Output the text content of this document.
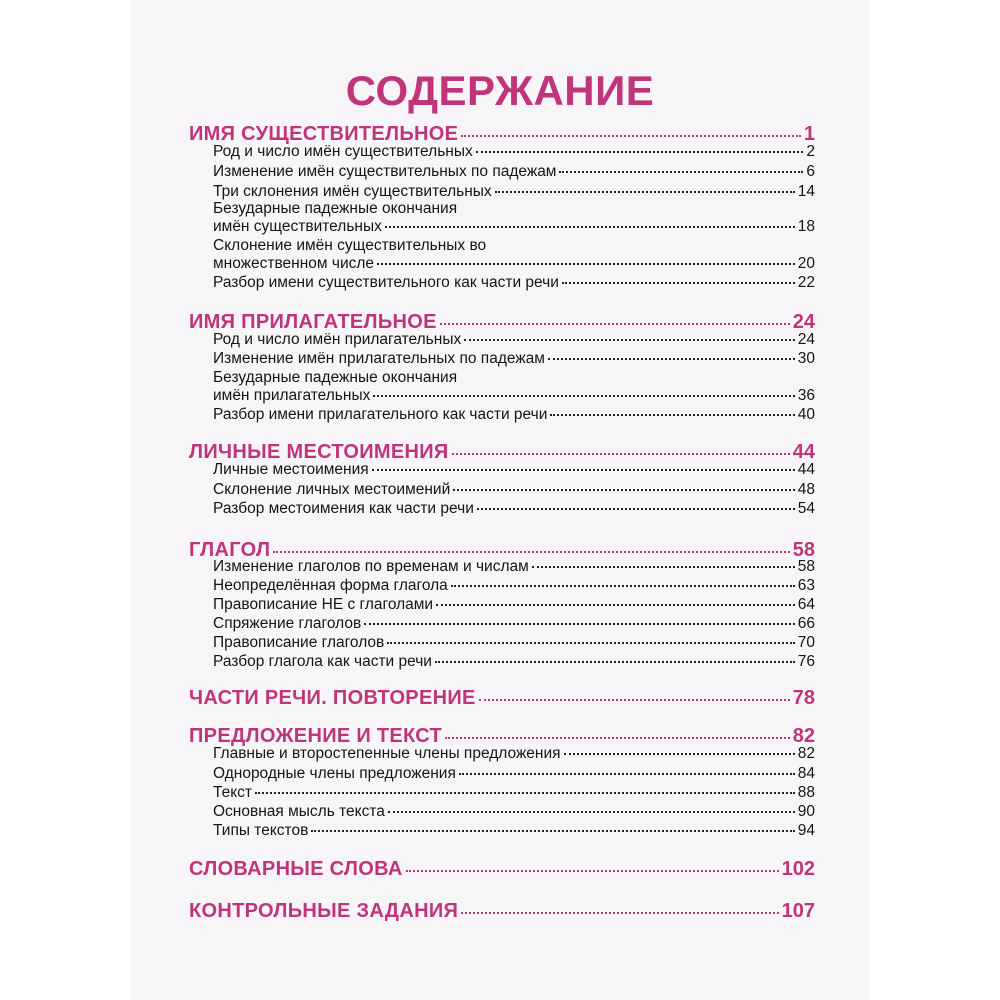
СОДЕРЖАНИЕ
ИМЯ СУЩЕСТВИТЕЛЬНОЕ	1
Род и число имён существительных	2
Изменение имён существительных по падежам	6
Три склонения имён существительных	14
Безударные падежные окончания
имён существительных	18
Склонение имён существительных во
множественном числе	20
Разбор имени существительного как части речи	22
ИМЯ ПРИЛАГАТЕЛЬНОЕ	24
Род и число имён прилагательных	24
Изменение имён прилагательных по падежам	30
Безударные падежные окончания
имён прилагательных	36
Разбор имени прилагательного как части речи	40
ЛИЧНЫЕ МЕСТОИМЕНИЯ	44
Личные местоимения	44
Склонение личных местоимений	48
Разбор местоимения как части речи	54
ГЛАГОЛ	58
Изменение глаголов по временам и числам	58
Неопределённая форма глагола	63
Правописание НЕ с глаголами	64
Спряжение глаголов	66
Правописание глаголов	70
Разбор глагола как части речи	76
ЧАСТИ РЕЧИ. ПОВТОРЕНИЕ	78
ПРЕДЛОЖЕНИЕ И ТЕКСТ	82
Главные и второстепенные члены предложения	82
Однородные члены предложения	84
Текст	88
Основная мысль текста	90
Типы текстов	94
СЛОВАРНЫЕ СЛОВА	102
КОНТРОЛЬНЫЕ ЗАДАНИЯ	107
